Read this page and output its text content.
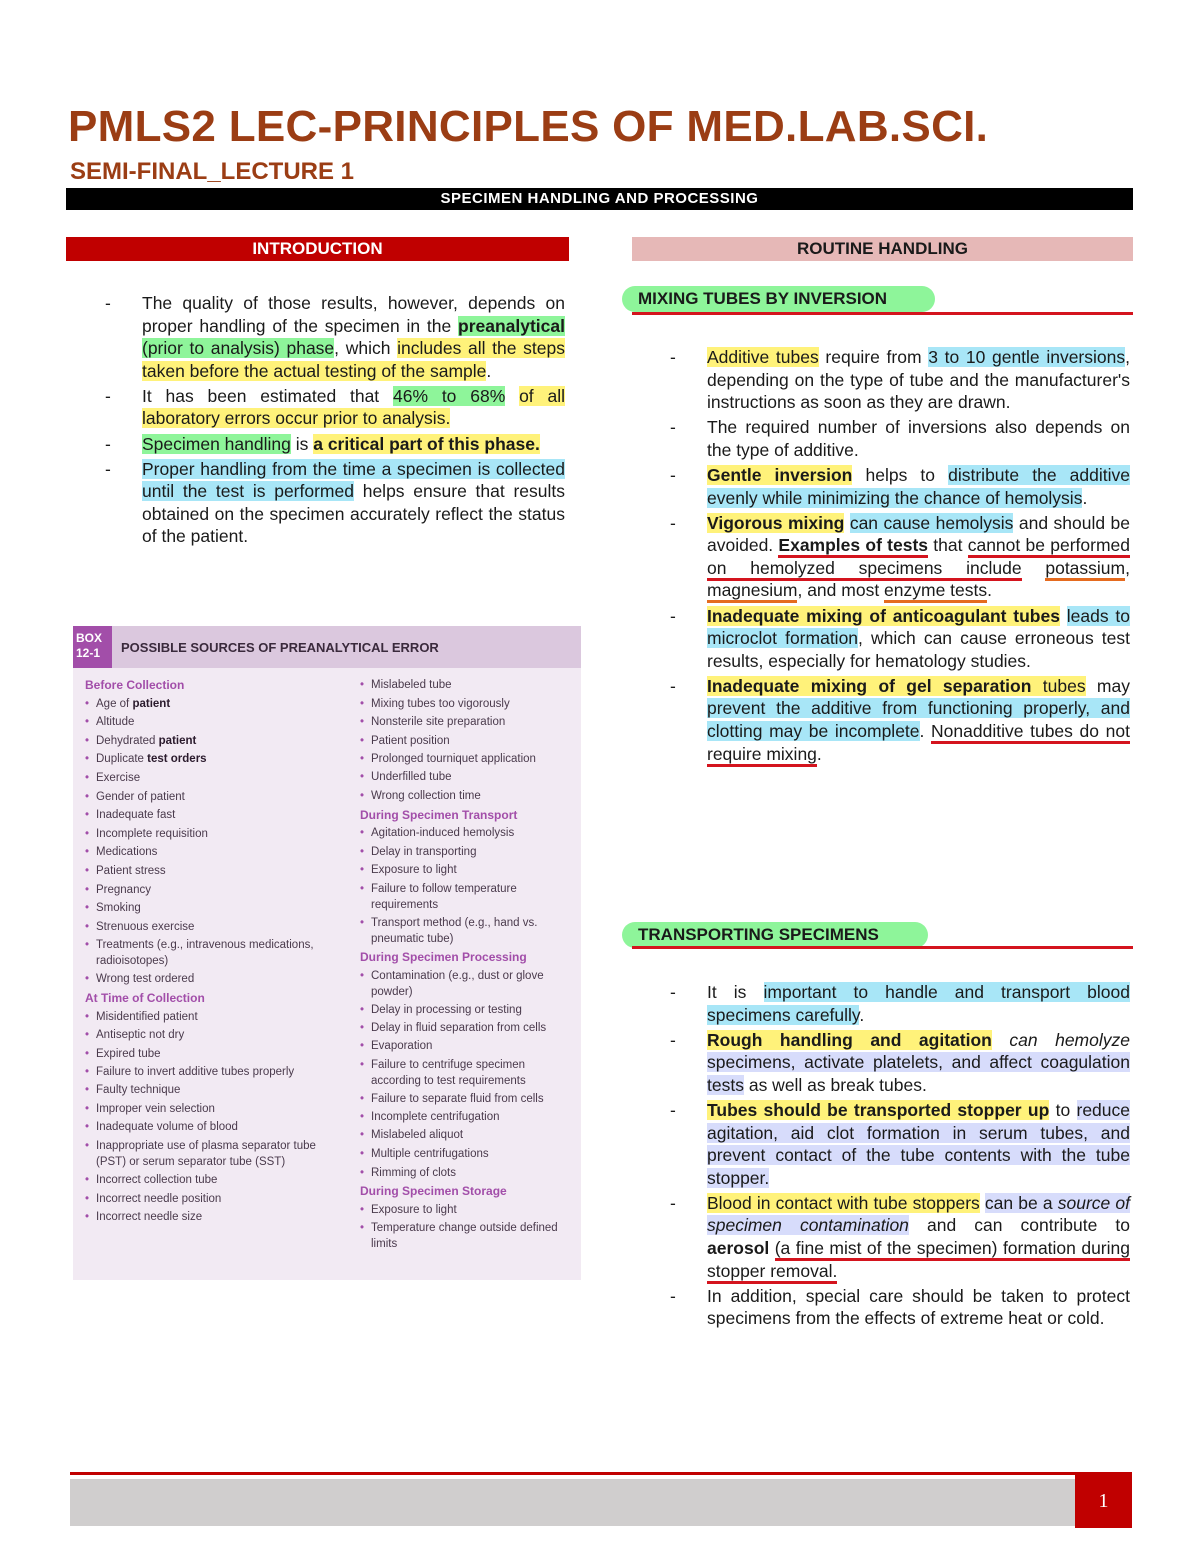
PMLS2 LEC-PRINCIPLES OF MED.LAB.SCI.
SEMI-FINAL_LECTURE 1
SPECIMEN HANDLING AND PROCESSING
INTRODUCTION	ROUTINE HANDLING
- The quality of those results, however, depends on proper handling of the specimen in the preanalytical (prior to analysis) phase, which includes all the steps taken before the actual testing of the sample.
- It has been estimated that 46% to 68% of all laboratory errors occur prior to analysis.
- Specimen handling is a critical part of this phase.
- Proper handling from the time a specimen is collected until the test is performed helps ensure that results obtained on the specimen accurately reflect the status of the patient.
BOX 12-1	POSSIBLE SOURCES OF PREANALYTICAL ERROR
Before Collection
• Age of patient
• Altitude
• Dehydrated patient
• Duplicate test orders
• Exercise
• Gender of patient
• Inadequate fast
• Incomplete requisition
• Medications
• Patient stress
• Pregnancy
• Smoking
• Strenuous exercise
• Treatments (e.g., intravenous medications, radioisotopes)
• Wrong test ordered
At Time of Collection
• Misidentified patient
• Antiseptic not dry
• Expired tube
• Failure to invert additive tubes properly
• Faulty technique
• Improper vein selection
• Inadequate volume of blood
• Inappropriate use of plasma separator tube (PST) or serum separator tube (SST)
• Incorrect collection tube
• Incorrect needle position
• Incorrect needle size
• Mislabeled tube
• Mixing tubes too vigorously
• Nonsterile site preparation
• Patient position
• Prolonged tourniquet application
• Underfilled tube
• Wrong collection time
During Specimen Transport
• Agitation-induced hemolysis
• Delay in transporting
• Exposure to light
• Failure to follow temperature requirements
• Transport method (e.g., hand vs. pneumatic tube)
During Specimen Processing
• Contamination (e.g., dust or glove powder)
• Delay in processing or testing
• Delay in fluid separation from cells
• Evaporation
• Failure to centrifuge specimen according to test requirements
• Failure to separate fluid from cells
• Incomplete centrifugation
• Mislabeled aliquot
• Multiple centrifugations
• Rimming of clots
During Specimen Storage
• Exposure to light
• Temperature change outside defined limits
MIXING TUBES BY INVERSION
- Additive tubes require from 3 to 10 gentle inversions, depending on the type of tube and the manufacturer's instructions as soon as they are drawn.
- The required number of inversions also depends on the type of additive.
- Gentle inversion helps to distribute the additive evenly while minimizing the chance of hemolysis.
- Vigorous mixing can cause hemolysis and should be avoided. Examples of tests that cannot be performed on hemolyzed specimens include potassium, magnesium, and most enzyme tests.
- Inadequate mixing of anticoagulant tubes leads to microclot formation, which can cause erroneous test results, especially for hematology studies.
- Inadequate mixing of gel separation tubes may prevent the additive from functioning properly, and clotting may be incomplete. Nonadditive tubes do not require mixing.
TRANSPORTING SPECIMENS
- It is important to handle and transport blood specimens carefully.
- Rough handling and agitation can hemolyze specimens, activate platelets, and affect coagulation tests as well as break tubes.
- Tubes should be transported stopper up to reduce agitation, aid clot formation in serum tubes, and prevent contact of the tube contents with the tube stopper.
- Blood in contact with tube stoppers can be a source of specimen contamination and can contribute to aerosol (a fine mist of the specimen) formation during stopper removal.
- In addition, special care should be taken to protect specimens from the effects of extreme heat or cold.
1
